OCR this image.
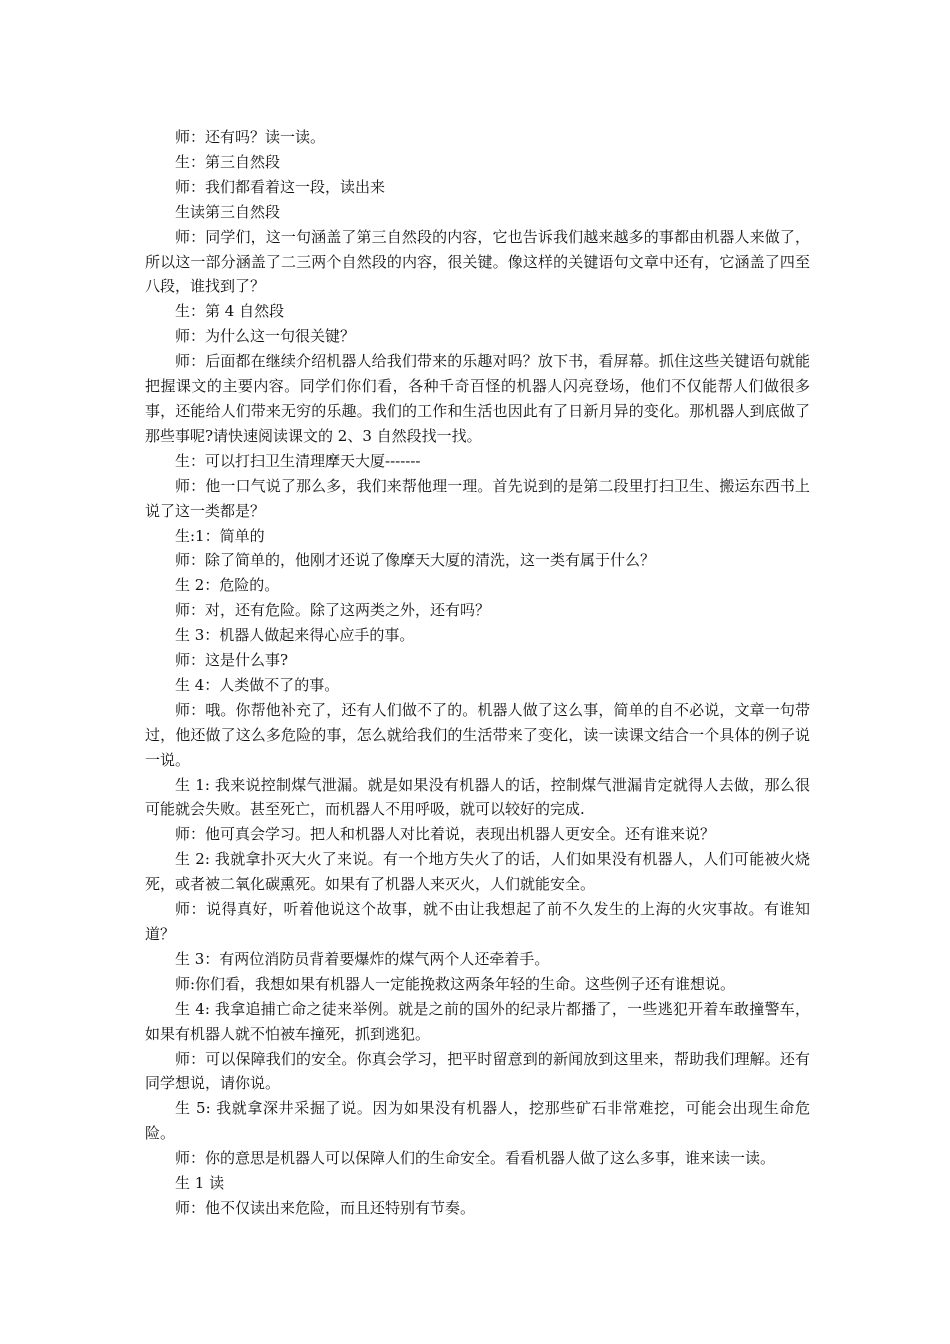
师：还有吗？读一读。

生：第三自然段

师：我们都看着这一段，读出来

生读第三自然段

师：同学们，这一句涵盖了第三自然段的内容，它也告诉我们越来越多的事都由机器人来做了，所以这一部分涵盖了二三两个自然段的内容，很关键。像这样的关键语句文章中还有，它涵盖了四至八段，谁找到了？

生：第 4 自然段

师：为什么这一句很关键？

师：后面都在继续介绍机器人给我们带来的乐趣对吗？放下书，看屏幕。抓住这些关键语句就能把握课文的主要内容。同学们你们看，各种千奇百怪的机器人闪亮登场，他们不仅能帮人们做很多事，还能给人们带来无穷的乐趣。我们的工作和生活也因此有了日新月异的变化。那机器人到底做了那些事呢?请快速阅读课文的 2、3 自然段找一找。

生：可以打扫卫生清理摩天大厦-------

师：他一口气说了那么多，我们来帮他理一理。首先说到的是第二段里打扫卫生、搬运东西书上说了这一类都是？

生:1：简单的

师：除了简单的，他刚才还说了像摩天大厦的清洗，这一类有属于什么？

生 2：危险的。

师：对，还有危险。除了这两类之外，还有吗？

生 3：机器人做起来得心应手的事。

师：这是什么事?

生 4：人类做不了的事。

师：哦。你帮他补充了，还有人们做不了的。机器人做了这么事，简单的自不必说，文章一句带过，他还做了这么多危险的事，怎么就给我们的生活带来了变化，读一读课文结合一个具体的例子说一说。

生 1: 我来说控制煤气泄漏。就是如果没有机器人的话，控制煤气泄漏肯定就得人去做，那么很可能就会失败。甚至死亡，而机器人不用呼吸，就可以较好的完成.

师：他可真会学习。把人和机器人对比着说，表现出机器人更安全。还有谁来说？

生 2: 我就拿扑灭大火了来说。有一个地方失火了的话，人们如果没有机器人，人们可能被火烧死，或者被二氧化碳熏死。如果有了机器人来灭火，人们就能安全。

师：说得真好，听着他说这个故事，就不由让我想起了前不久发生的上海的火灾事故。有谁知道？

生 3：有两位消防员背着要爆炸的煤气两个人还牵着手。

师:你们看，我想如果有机器人一定能挽救这两条年轻的生命。这些例子还有谁想说。

生 4: 我拿追捕亡命之徒来举例。就是之前的国外的纪录片都播了，一些逃犯开着车敢撞警车，如果有机器人就不怕被车撞死，抓到逃犯。

师：可以保障我们的安全。你真会学习，把平时留意到的新闻放到这里来，帮助我们理解。还有同学想说，请你说。

生 5: 我就拿深井采掘了说。因为如果没有机器人，挖那些矿石非常难挖，可能会出现生命危险。

师：你的意思是机器人可以保障人们的生命安全。看看机器人做了这么多事，谁来读一读。

生 1 读

师：他不仅读出来危险，而且还特别有节奏。
